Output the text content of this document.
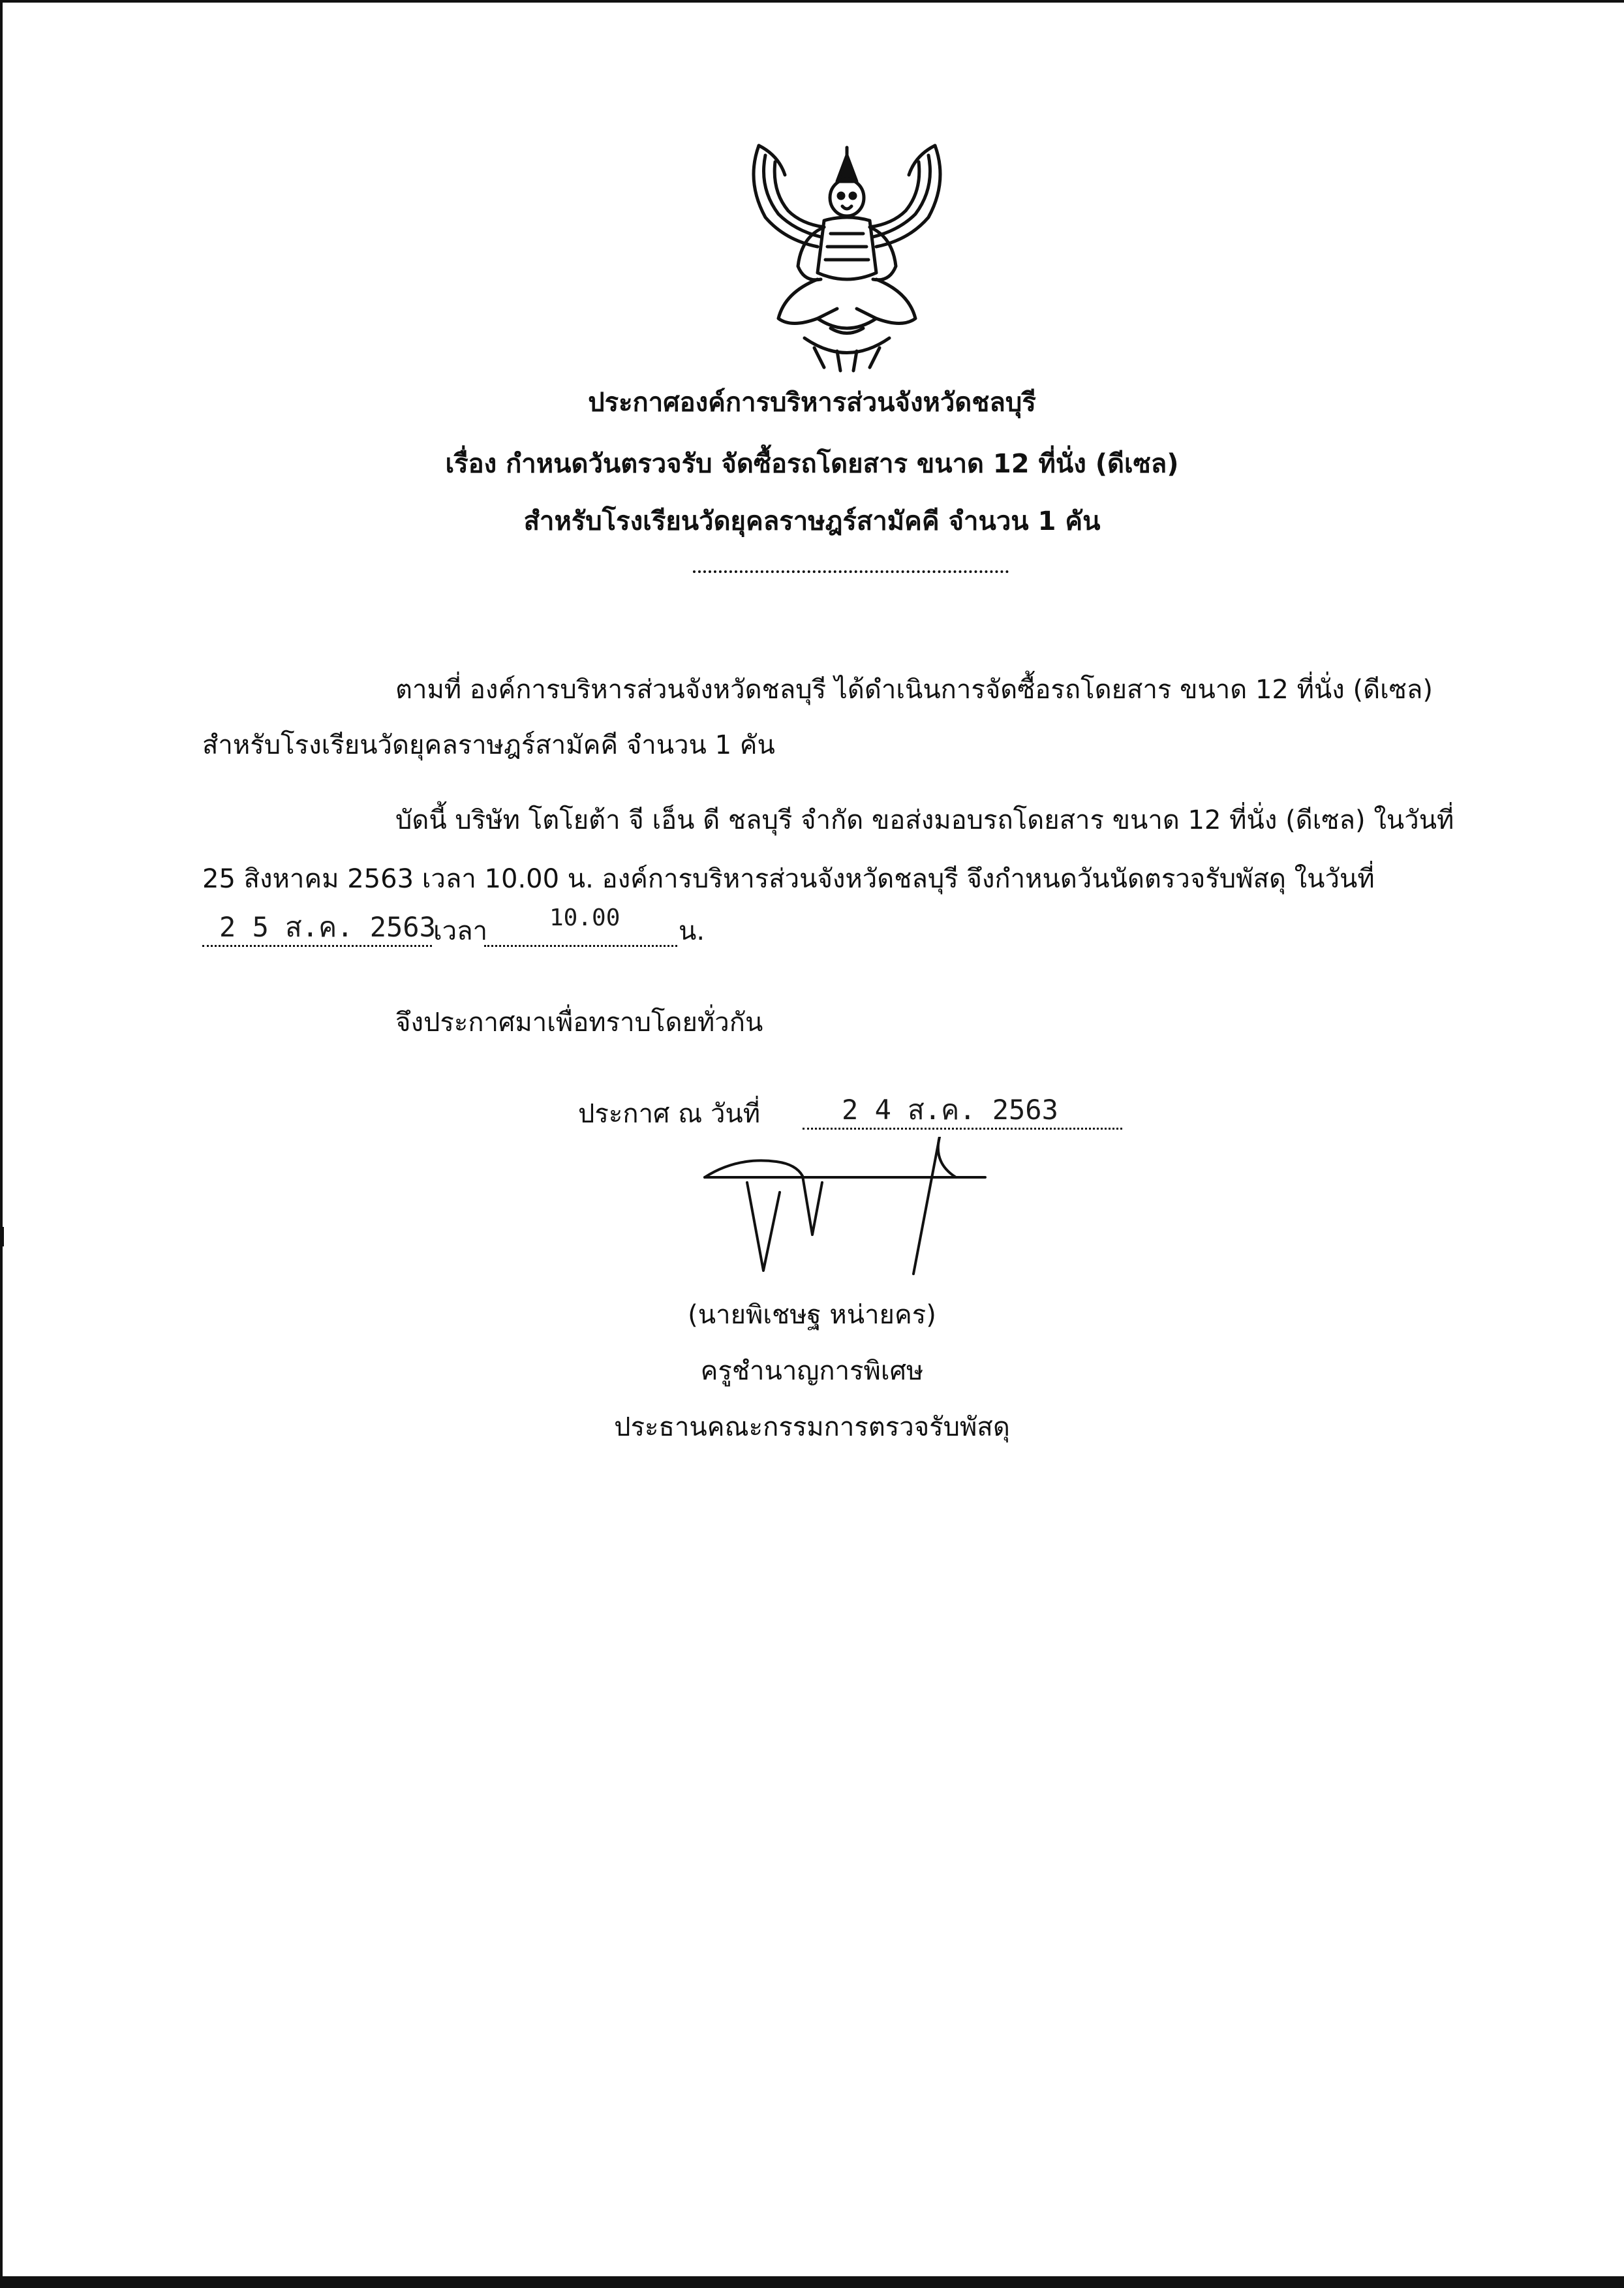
ประกาศองค์การบริหารส่วนจังหวัดชลบุรี
เรื่อง กำหนดวันตรวจรับ จัดซื้อรถโดยสาร ขนาด 12 ที่นั่ง (ดีเซล)
สำหรับโรงเรียนวัดยุคลราษฎร์สามัคคี จำนวน 1 คัน
ตามที่ องค์การบริหารส่วนจังหวัดชลบุรี ได้ดำเนินการจัดซื้อรถโดยสาร ขนาด 12 ที่นั่ง (ดีเซล)
สำหรับโรงเรียนวัดยุคลราษฎร์สามัคคี จำนวน 1 คัน
บัดนี้ บริษัท โตโยต้า จี เอ็น ดี ชลบุรี จำกัด ขอส่งมอบรถโดยสาร ขนาด 12 ที่นั่ง (ดีเซล) ในวันที่
25 สิงหาคม 2563 เวลา 10.00 น. องค์การบริหารส่วนจังหวัดชลบุรี จึงกำหนดวันนัดตรวจรับพัสดุ ในวันที่
2 5 ส.ค. 2563
เวลา	10.00 น.
จึงประกาศมาเพื่อทราบโดยทั่วกัน
ประกาศ ณ วันที่	2 4 ส.ค. 2563
(นายพิเชษฐ หน่ายคร)
ครูชำนาญการพิเศษ
ประธานคณะกรรมการตรวจรับพัสดุ
